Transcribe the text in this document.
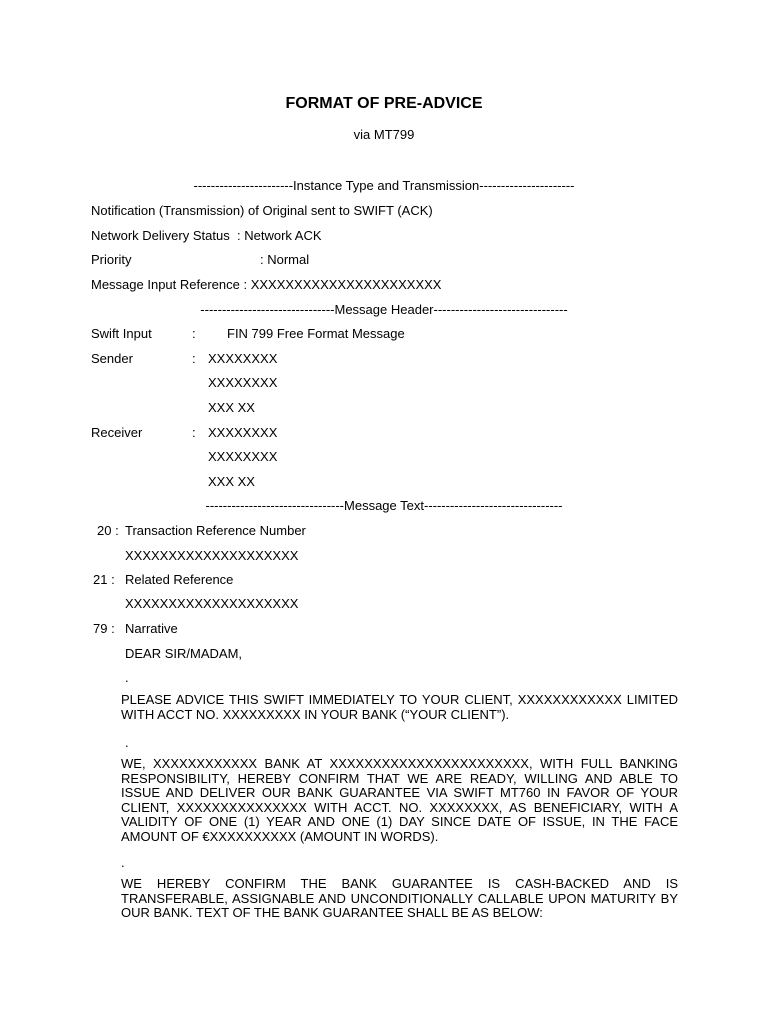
FORMAT OF PRE-ADVICE
via MT799
-----------------------Instance Type and Transmission----------------------
Notification (Transmission) of Original sent to SWIFT (ACK)
Network Delivery Status : Network ACK
Priority	: Normal
Message Input Reference : XXXXXXXXXXXXXXXXXXXXXX
-------------------------------Message Header-------------------------------
Swift Input	: FIN 799 Free Format Message
Sender	: XXXXXXXX
XXXXXXXX
XXX XX
Receiver	: XXXXXXXX
XXXXXXXX
XXX XX
--------------------------------Message Text--------------------------------
20 : Transaction Reference Number
XXXXXXXXXXXXXXXXXXXX
21 : Related Reference
XXXXXXXXXXXXXXXXXXXX
79 : Narrative
DEAR SIR/MADAM,
.
PLEASE ADVICE THIS SWIFT IMMEDIATELY TO YOUR CLIENT, XXXXXXXXXXXX LIMITED WITH ACCT NO. XXXXXXXXX IN YOUR BANK (“YOUR CLIENT”).
.
WE, XXXXXXXXXXXX BANK AT XXXXXXXXXXXXXXXXXXXXXXX, WITH FULL BANKING RESPONSIBILITY, HEREBY CONFIRM THAT WE ARE READY, WILLING AND ABLE TO ISSUE AND DELIVER OUR BANK GUARANTEE VIA SWIFT MT760 IN FAVOR OF YOUR CLIENT, XXXXXXXXXXXXXXX WITH ACCT. NO. XXXXXXXX, AS BENEFICIARY, WITH A VALIDITY OF ONE (1) YEAR AND ONE (1) DAY SINCE DATE OF ISSUE, IN THE FACE AMOUNT OF €XXXXXXXXXX (AMOUNT IN WORDS).
.
WE HEREBY CONFIRM THE BANK GUARANTEE IS CASH-BACKED AND IS TRANSFERABLE, ASSIGNABLE AND UNCONDITIONALLY CALLABLE UPON MATURITY BY OUR BANK. TEXT OF THE BANK GUARANTEE SHALL BE AS BELOW:
